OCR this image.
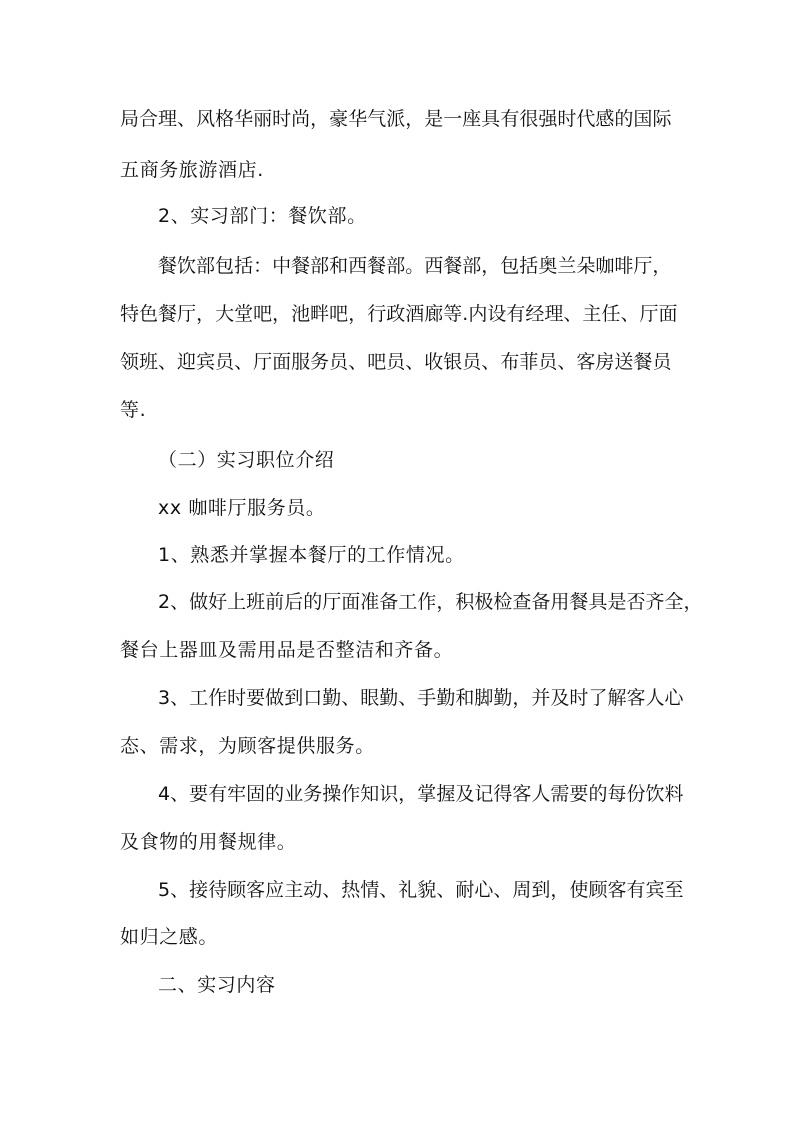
局 合 理 、 风 格 华 丽 时 尚 ， 豪 华 气 派 ， 是 一 座 具 有 很 强 时 代 感 的 国 际
五商务旅游酒店.
2、实习部门：餐饮部。
餐 饮 部 包 括 ： 中 餐 部 和 西 餐 部 。 西 餐 部 ， 包 括 奥 兰 朵 咖 啡 厅 ，
特 色 餐 厅 ， 大 堂 吧 ， 池 畔 吧 ， 行 政 酒 廊 等 . 内 设 有 经 理 、 主 任 、 厅 面
领 班 、 迎 宾 员 、 厅 面 服 务 员 、 吧 员 、 收 银 员 、 布 菲 员 、 客 房 送 餐 员
等.
（二）实习职位介绍
xx 咖啡厅服务员。
1、熟悉并掌握本餐厅的工作情况。
2 、 做 好 上 班 前 后 的 厅 面 准 备 工 作 ， 积 极 检 查 备 用 餐 具 是 否 齐 全 ，
餐台上器皿及需用品是否整洁和齐备。
3 、 工 作 时 要 做 到 口 勤 、 眼 勤 、 手 勤 和 脚 勤 ， 并 及 时 了 解 客 人 心
态、需求，为顾客提供服务。
4 、 要 有 牢 固 的 业 务 操 作 知 识 ， 掌 握 及 记 得 客 人 需 要 的 每 份 饮 料
及食物的用餐规律。
5 、 接 待 顾 客 应 主 动 、 热 情 、 礼 貌 、 耐 心 、 周 到 ， 使 顾 客 有 宾 至
如归之感。
二、实习内容
